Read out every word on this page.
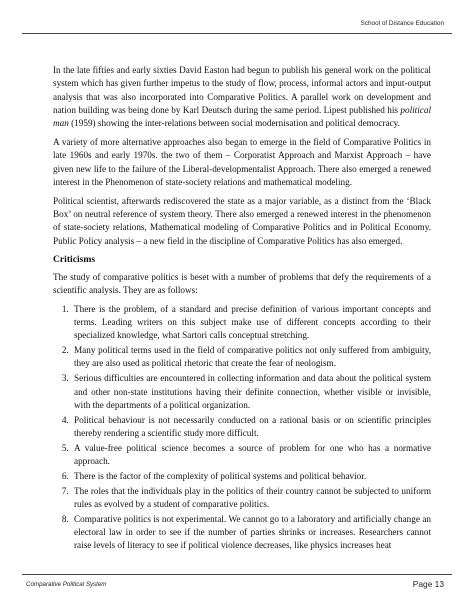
School of Distance Education

In the late fifties and early sixties David Easton had begun to publish his general work on the political system which has given further impetus to the study of flow, process, informal actors and input-output analysis that was also incorporated into Comparative Politics. A parallel work on development and nation building was being done by Karl Deutsch during the same period. Lipest published his political man (1959) showing the inter-relations between social modernisation and political democracy.

A variety of more alternative approaches also began to emerge in the field of Comparative Politics in late 1960s and early 1970s. the two of them – Corporatist Approach and Marxist Approach – have given new life to the failure of the Liberal-developmentalist Approach. There also emerged a renewed interest in the Phenomenon of state-society relations and mathematical modeling.

Political scientist, afterwards rediscovered the state as a major variable, as a distinct from the ‘Black Box’ on neutral reference of system theory. There also emerged a renewed interest in the phenomenon of state-society relations, Mathematical modeling of Comparative Politics and in Political Economy. Public Policy analysis – a new field in the discipline of Comparative Politics has also emerged.

Criticisms

The study of comparative politics is beset with a number of problems that defy the requirements of a scientific analysis. They are as follows:

1. There is the problem, of a standard and precise definition of various important concepts and terms. Leading writers on this subject make use of different concepts according to their specialized knowledge, what Sartori calls conceptual stretching.
2. Many political terms used in the field of comparative politics not only suffered from ambiguity, they are also used as political rhetoric that create the fear of neologism.
3. Serious difficulties are encountered in collecting information and data about the political system and other non-state institutions having their definite connection, whether visible or invisible, with the departments of a political organization.
4. Political behaviour is not necessarily conducted on a rational basis or on scientific principles thereby rendering a scientific study more difficult.
5. A value-free political science becomes a source of problem for one who has a normative approach.
6. There is the factor of the complexity of political systems and political behavior.
7. The roles that the individuals play in the politics of their country cannot be subjected to uniform rules as evolved by a student of comparative politics.
8. Comparative politics is not experimental. We cannot go to a laboratory and artificially change an electoral law in order to see if the number of parties shrinks or increases. Researchers cannot raise levels of literacy to see if political violence decreases, like physics increases heat
Comparative Political System	Page 13
